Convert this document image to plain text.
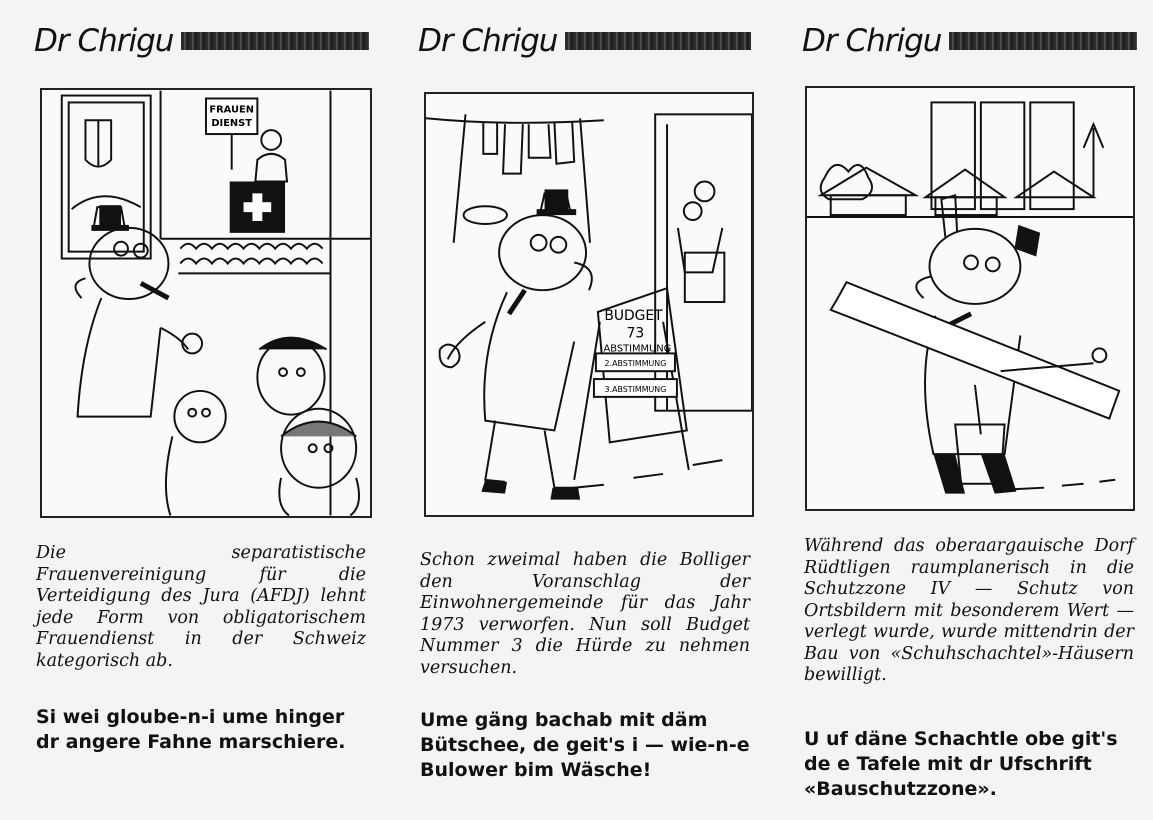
Dr Chrigu
FRAUEN
DIENST
Die separatistische Frauenvereinigung für die Verteidigung des Jura (AFDJ) lehnt jede Form von obligatorischem Frauendienst in der Schweiz kategorisch ab.
Si wei gloube-n-i ume hinger dr angere Fahne marschiere.
Dr Chrigu
BUDGET
73
ABSTIMMUNG
2.ABSTIMMUNG
3.ABSTIMMUNG
Schon zweimal haben die Bolliger den Voranschlag der Einwohnergemeinde für das Jahr 1973 verworfen. Nun soll Budget Nummer 3 die Hürde zu nehmen versuchen.
Ume gäng bachab mit däm Bütschee, de geit's i — wie-n-e Bulower bim Wäsche!
Dr Chrigu
Während das oberaargauische Dorf Rüdtligen raumplanerisch in die Schutzzone IV — Schutz von Ortsbildern mit besonderem Wert — verlegt wurde, wurde mittendrin der Bau von «Schuhschachtel»-Häusern bewilligt.
U uf däne Schachtle obe git's de e Tafele mit dr Ufschrift «Bauschutzzone».
